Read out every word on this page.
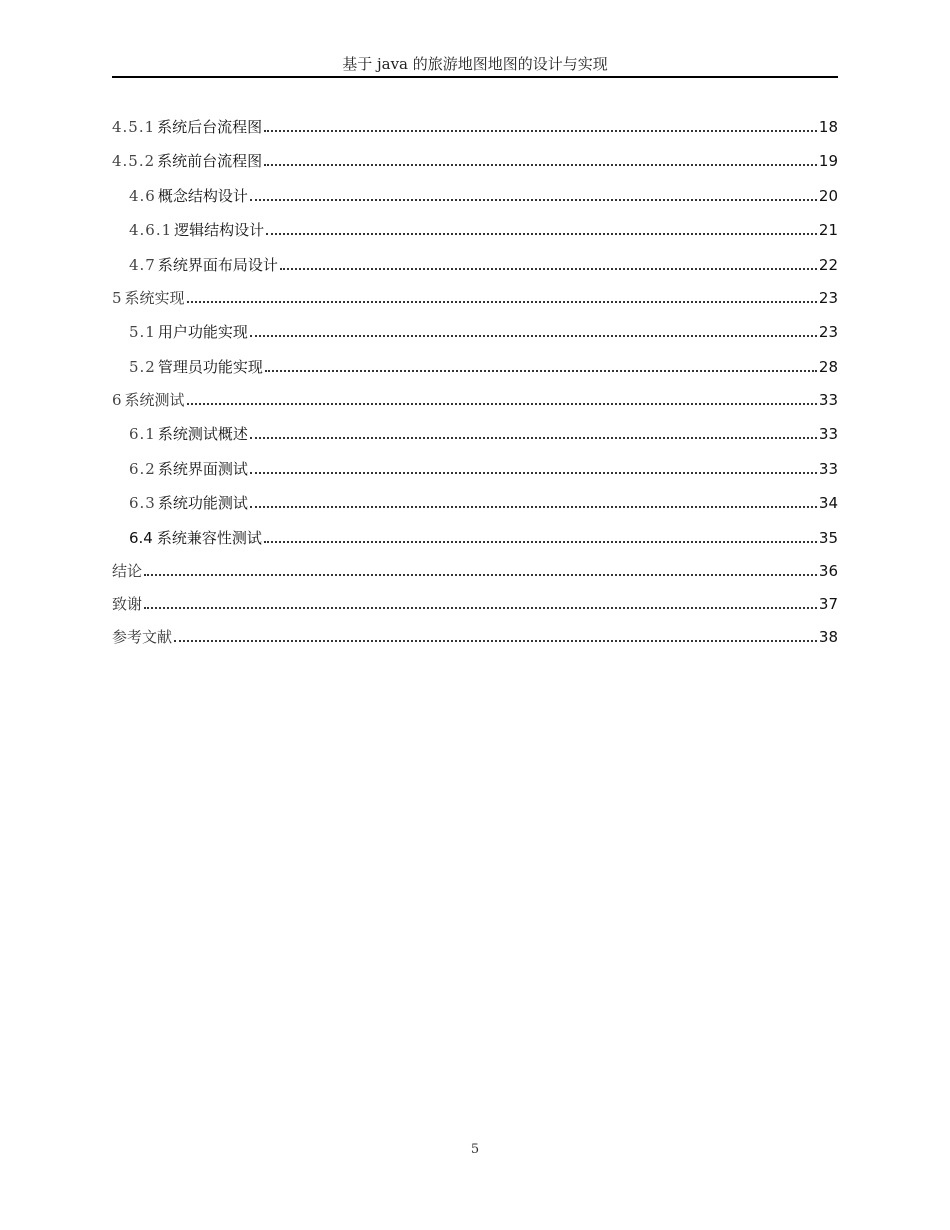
基于 java 的旅游地图地图的设计与实现
4.5.1 系统后台流程图	18
4.5.2 系统前台流程图	19
4.6 概念结构设计	20
4.6.1 逻辑结构设计	21
4.7 系统界面布局设计	22
5 系统实现	23
5.1 用户功能实现	23
5.2 管理员功能实现	28
6 系统测试	33
6.1 系统测试概述	33
6.2 系统界面测试	33
6.3 系统功能测试	34
6.4 系统兼容性测试	35
结论	36
致谢	37
参考文献	38
5
